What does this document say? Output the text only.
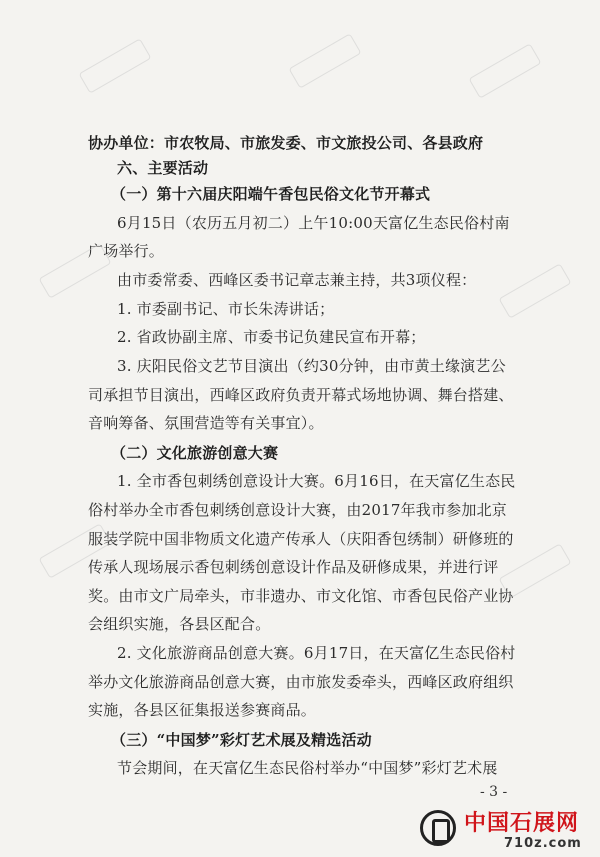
协办单位：市农牧局、市旅发委、市文旅投公司、各县政府
六、主要活动
（一）第十六届庆阳端午香包民俗文化节开幕式
6月15日（农历五月初二）上午10:00天富亿生态民俗村南
广场举行。
由市委常委、西峰区委书记章志兼主持，共3项仪程：
1. 市委副书记、市长朱涛讲话；
2. 省政协副主席、市委书记负建民宣布开幕；
3. 庆阳民俗文艺节目演出（约30分钟，由市黄土缘演艺公
司承担节目演出，西峰区政府负责开幕式场地协调、舞台搭建、
音响筹备、氛围营造等有关事宜）。
（二）文化旅游创意大赛
1. 全市香包刺绣创意设计大赛。6月16日，在天富亿生态民
俗村举办全市香包刺绣创意设计大赛，由2017年我市参加北京
服装学院中国非物质文化遗产传承人（庆阳香包绣制）研修班的
传承人现场展示香包刺绣创意设计作品及研修成果，并进行评
奖。由市文广局牵头，市非遗办、市文化馆、市香包民俗产业协
会组织实施，各县区配合。
2. 文化旅游商品创意大赛。6月17日，在天富亿生态民俗村
举办文化旅游商品创意大赛，由市旅发委牵头，西峰区政府组织
实施，各县区征集报送参赛商品。
（三）“中国梦”彩灯艺术展及精选活动
节会期间，在天富亿生态民俗村举办“中国梦”彩灯艺术展
- 3 -
中国石展网
710z.com
